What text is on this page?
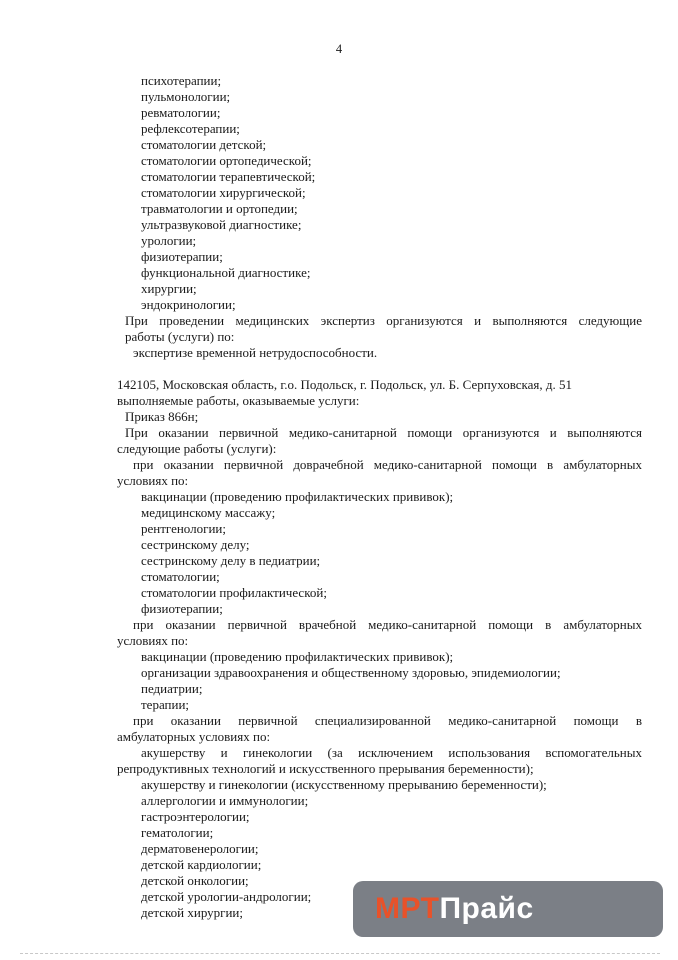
4
психотерапии;
пульмонологии;
ревматологии;
рефлексотерапии;
стоматологии детской;
стоматологии ортопедической;
стоматологии терапевтической;
стоматологии хирургической;
травматологии и ортопедии;
ультразвуковой диагностике;
урологии;
физиотерапии;
функциональной диагностике;
хирургии;
эндокринологии;
При проведении медицинских экспертиз организуются и выполняются следующие
работы (услуги) по:
экспертизе временной нетрудоспособности.
142105, Московская область, г.о. Подольск, г. Подольск, ул. Б. Серпуховская, д. 51
выполняемые работы, оказываемые услуги:
Приказ 866н;
При оказании первичной медико-санитарной помощи организуются и выполняются
следующие работы (услуги):
при оказании первичной доврачебной медико-санитарной помощи в амбулаторных
условиях по:
вакцинации (проведению профилактических прививок);
медицинскому массажу;
рентгенологии;
сестринскому делу;
сестринскому делу в педиатрии;
стоматологии;
стоматологии профилактической;
физиотерапии;
при оказании первичной врачебной медико-санитарной помощи в амбулаторных
условиях по:
вакцинации (проведению профилактических прививок);
организации здравоохранения и общественному здоровью, эпидемиологии;
педиатрии;
терапии;
при оказании первичной специализированной медико-санитарной помощи в
амбулаторных условиях по:
акушерству и гинекологии (за исключением использования вспомогательных
репродуктивных технологий и искусственного прерывания беременности);
акушерству и гинекологии (искусственному прерыванию беременности);
аллергологии и иммунологии;
гастроэнтерологии;
гематологии;
дерматовенерологии;
детской кардиологии;
детской онкологии;
детской урологии-андрологии;
детской хирургии;	МРТ Прайс
